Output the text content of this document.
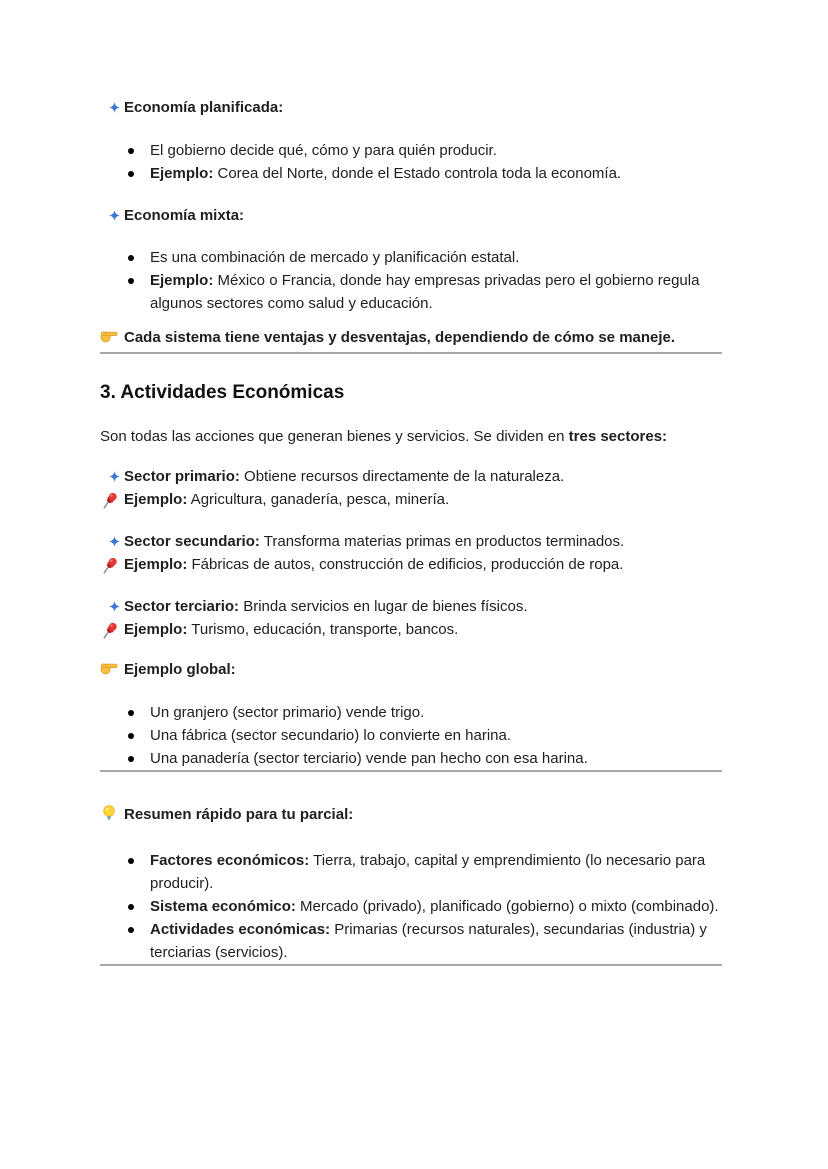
Economía planificada:
El gobierno decide qué, cómo y para quién producir.
Ejemplo: Corea del Norte, donde el Estado controla toda la economía.
Economía mixta:
Es una combinación de mercado y planificación estatal.
Ejemplo: México o Francia, donde hay empresas privadas pero el gobierno regula algunos sectores como salud y educación.

Cada sistema tiene ventajas y desventajas, dependiendo de cómo se maneje.

3. Actividades Económicas

Son todas las acciones que generan bienes y servicios. Se dividen en tres sectores:

Sector primario: Obtiene recursos directamente de la naturaleza.
Ejemplo: Agricultura, ganadería, pesca, minería.
Sector secundario: Transforma materias primas en productos terminados.
Ejemplo: Fábricas de autos, construcción de edificios, producción de ropa.
Sector terciario: Brinda servicios en lugar de bienes físicos.
Ejemplo: Turismo, educación, transporte, bancos.

Ejemplo global:

Un granjero (sector primario) vende trigo.
Una fábrica (sector secundario) lo convierte en harina.
Una panadería (sector terciario) vende pan hecho con esa harina.

Resumen rápido para tu parcial:

Factores económicos: Tierra, trabajo, capital y emprendimiento (lo necesario para producir).
Sistema económico: Mercado (privado), planificado (gobierno) o mixto (combinado).
Actividades económicas: Primarias (recursos naturales), secundarias (industria) y terciarias (servicios).
